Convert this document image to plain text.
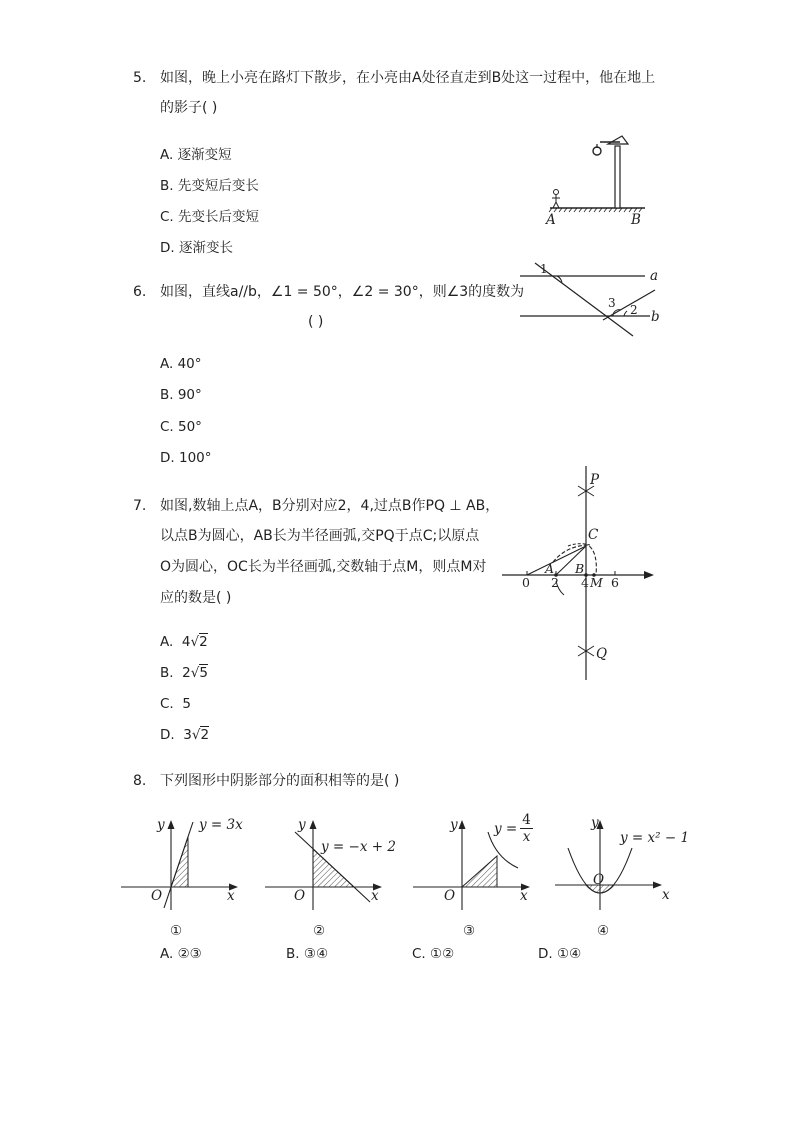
5. 如图，晚上小亮在路灯下散步，在小亮由A处径直走到B处这一过程中，他在地上
的影子( )
A. 逐渐变短
B. 先变短后变长
C. 先变长后变短
D. 逐渐变长
A	B
6. 如图，直线a//b，∠1 = 50°，∠2 = 30°，则∠3的度数为
( )
A. 40°
B. 90°
C. 50°
D. 100°
1	a
3 2 b
7. 如图,数轴上点A，B分别对应2，4,过点B作PQ ⊥ AB，
以点B为圆心，AB长为半径画弧,交PQ于点C;以原点
O为圆心，OC长为半径画弧,交数轴于点M，则点M对
应的数是( )
A. 4√2
B. 2√5
C. 5
D. 3√2
P
C
0
A
2
B
4 M 6
Q
8. 下列图形中阴影部分的面积相等的是( )
y	y = 3x
O	x
①
y
y = −x + 2
O	x
②
y	$y = \frac{4}{x}$
O	x
③
y
y = x² − 1
O
x
④
A. ②③	B. ③④	C. ①②	D. ①④
